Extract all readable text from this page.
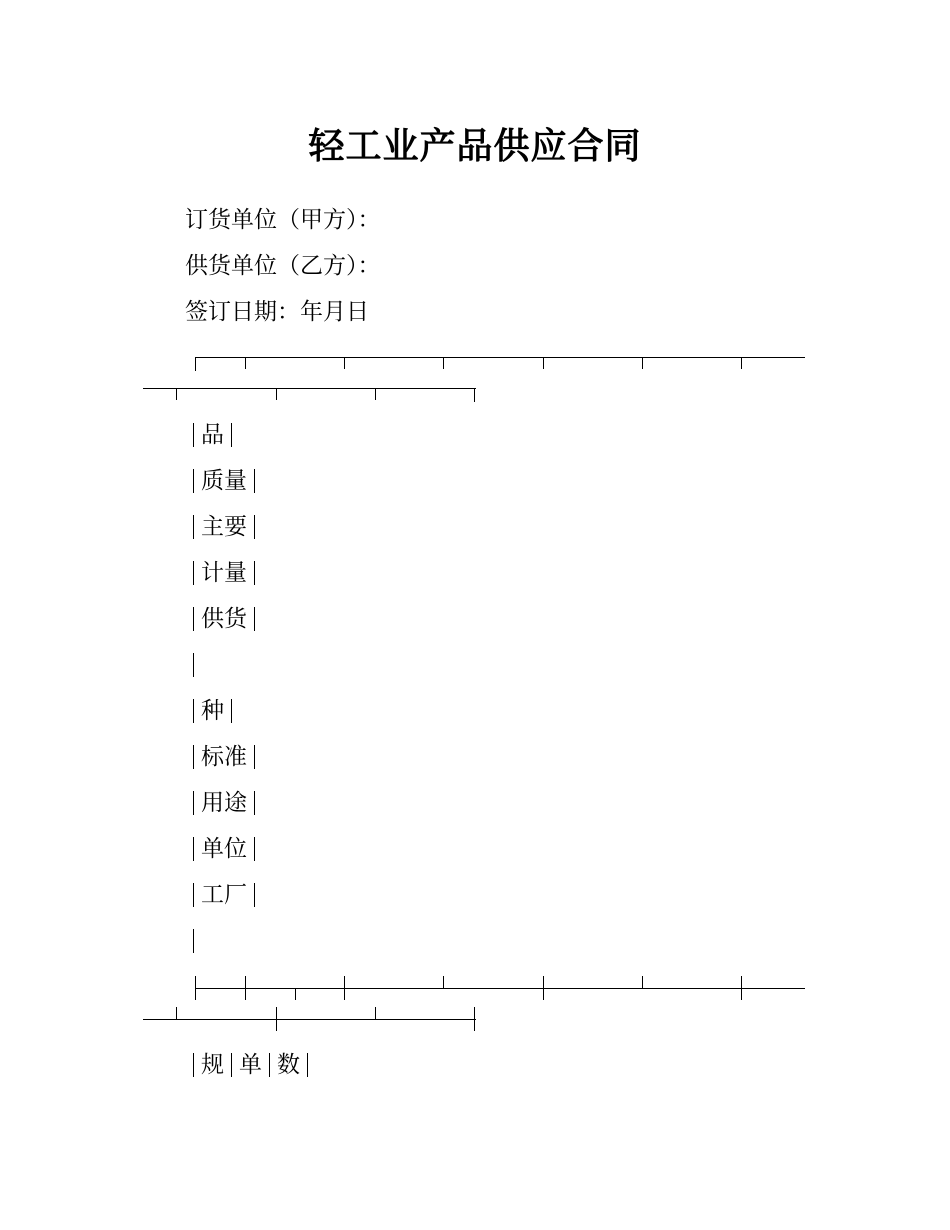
轻工业产品供应合同
订货单位（甲方）：
供货单位（乙方）：
签订日期：年月日
品
质量
主要
计量
供货
种
标准
用途
单位
工厂
规 单 数
